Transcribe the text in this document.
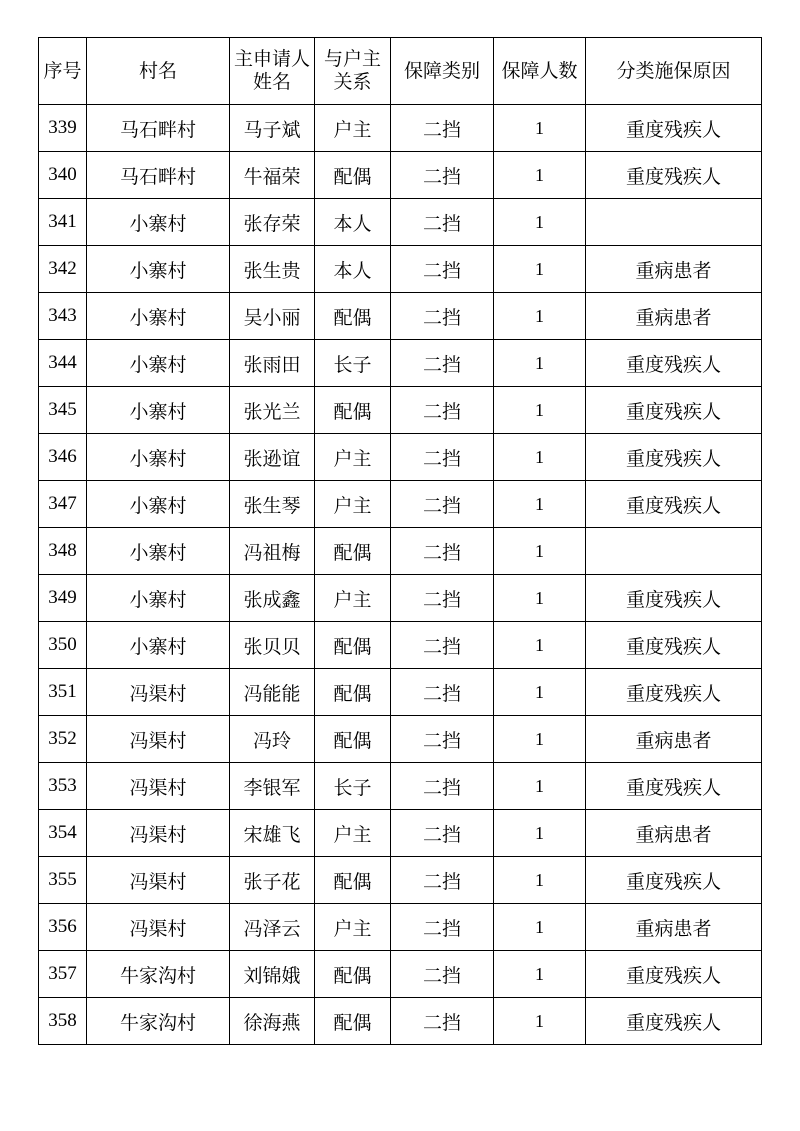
序号	村名	主申请人姓名	与户主关系	保障类别	保障人数	分类施保原因
339	马石畔村	马子斌	户主	二挡	1	重度残疾人
340	马石畔村	牛福荣	配偶	二挡	1	重度残疾人
341	小寨村	张存荣	本人	二挡	1	
342	小寨村	张生贵	本人	二挡	1	重病患者
343	小寨村	吴小丽	配偶	二挡	1	重病患者
344	小寨村	张雨田	长子	二挡	1	重度残疾人
345	小寨村	张光兰	配偶	二挡	1	重度残疾人
346	小寨村	张逊谊	户主	二挡	1	重度残疾人
347	小寨村	张生琴	户主	二挡	1	重度残疾人
348	小寨村	冯祖梅	配偶	二挡	1	
349	小寨村	张成鑫	户主	二挡	1	重度残疾人
350	小寨村	张贝贝	配偶	二挡	1	重度残疾人
351	冯渠村	冯能能	配偶	二挡	1	重度残疾人
352	冯渠村	冯玲	配偶	二挡	1	重病患者
353	冯渠村	李银军	长子	二挡	1	重度残疾人
354	冯渠村	宋雄飞	户主	二挡	1	重病患者
355	冯渠村	张子花	配偶	二挡	1	重度残疾人
356	冯渠村	冯泽云	户主	二挡	1	重病患者
357	牛家沟村	刘锦娥	配偶	二挡	1	重度残疾人
358	牛家沟村	徐海燕	配偶	二挡	1	重度残疾人
